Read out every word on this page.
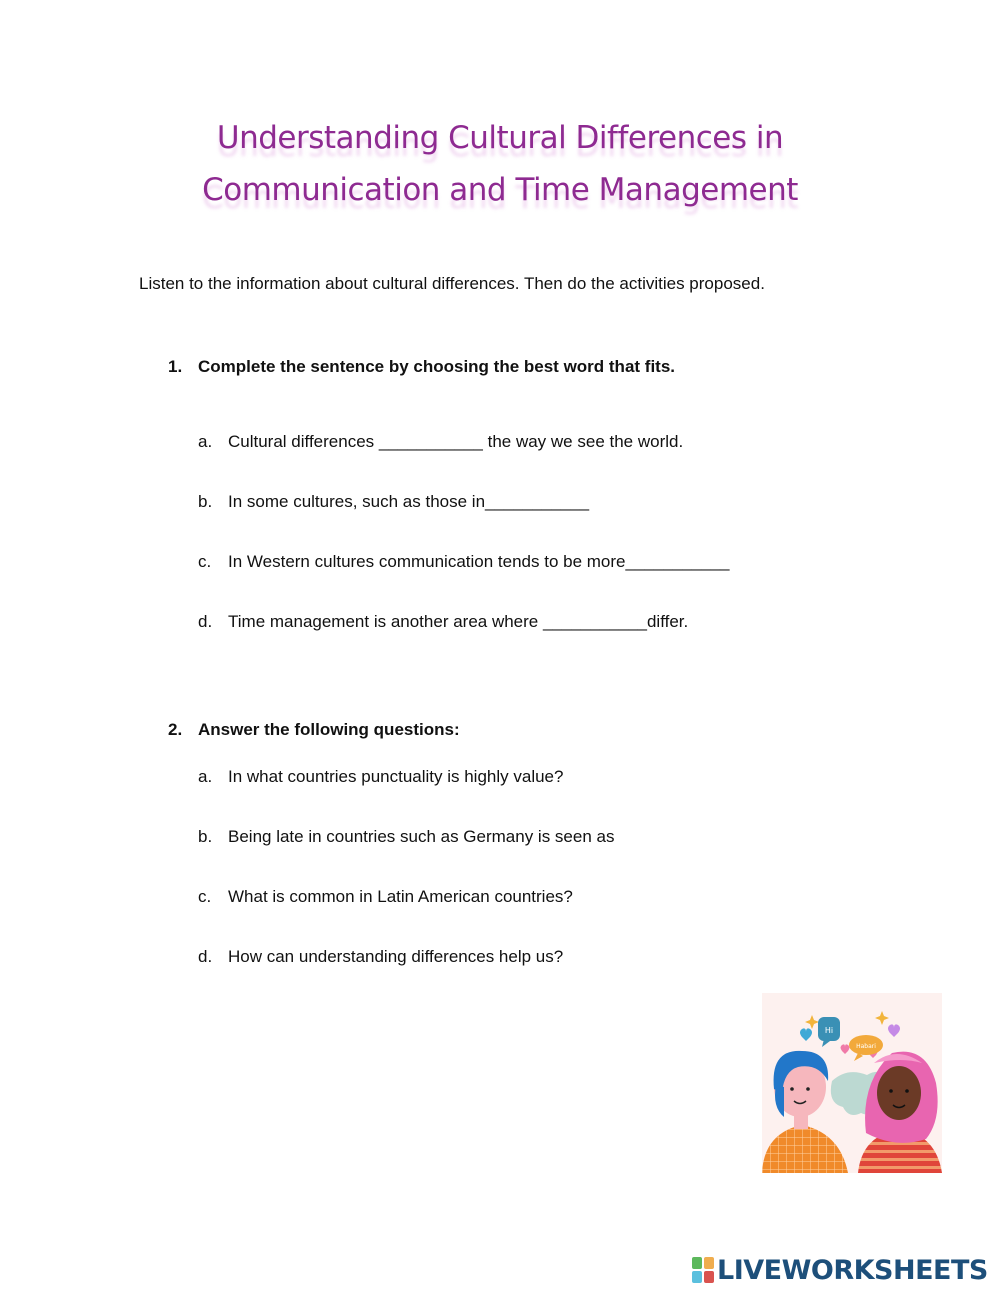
Understanding Cultural Differences in
Communication and Time Management
Listen to the information about cultural differences. Then do the activities proposed.
1. Complete the sentence by choosing the best word that fits.
a. Cultural differences ___________ the way we see the world.
b. In some cultures, such as those in___________
c. In Western cultures communication tends to be more___________
d. Time management is another area where ___________differ.
2. Answer the following questions:
a. In what countries punctuality is highly value?
b. Being late in countries such as Germany is seen as
c. What is common in Latin American countries?
d. How can understanding differences help us?
Hi
Habari
LIVEWORKSHEETS
